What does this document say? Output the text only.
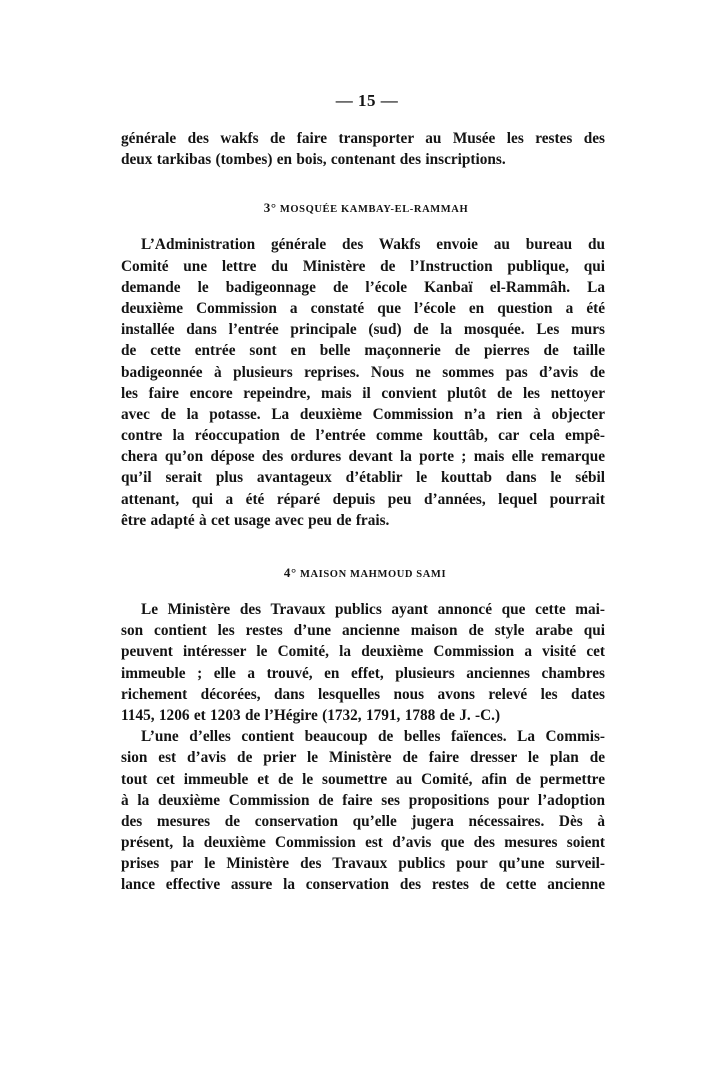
— 15 —

générale des wakfs de faire transporter au Musée les restes des
deux tarkibas (tombes) en bois, contenant des inscriptions.

3° MOSQUÉE KAMBAY-EL-RAMMAH

L’Administration générale des Wakfs envoie au bureau du
Comité une lettre du Ministère de l’Instruction publique, qui
demande le badigeonnage de l’école Kanbaï el-Rammâh. La
deuxième Commission a constaté que l’école en question a été
installée dans l’entrée principale (sud) de la mosquée. Les murs
de cette entrée sont en belle maçonnerie de pierres de taille
badigeonnée à plusieurs reprises. Nous ne sommes pas d’avis de
les faire encore repeindre, mais il convient plutôt de les nettoyer
avec de la potasse. La deuxième Commission n’a rien à objecter
contre la réoccupation de l’entrée comme kouttâb, car cela empê-
chera qu’on dépose des ordures devant la porte ; mais elle remarque
qu’il serait plus avantageux d’établir le kouttab dans le sébil
attenant, qui a été réparé depuis peu d’années, lequel pourrait
être adapté à cet usage avec peu de frais.

4° MAISON MAHMOUD SAMI

Le Ministère des Travaux publics ayant annoncé que cette mai-
son contient les restes d’une ancienne maison de style arabe qui
peuvent intéresser le Comité, la deuxième Commission a visité cet
immeuble ; elle a trouvé, en effet, plusieurs anciennes chambres
richement décorées, dans lesquelles nous avons relevé les dates
1145, 1206 et 1203 de l’Hégire (1732, 1791, 1788 de J. -C.)
L’une d’elles contient beaucoup de belles faïences. La Commis-
sion est d’avis de prier le Ministère de faire dresser le plan de
tout cet immeuble et de le soumettre au Comité, afin de permettre
à la deuxième Commission de faire ses propositions pour l’adoption
des mesures de conservation qu’elle jugera nécessaires. Dès à
présent, la deuxième Commission est d’avis que des mesures soient
prises par le Ministère des Travaux publics pour qu’une surveil-
lance effective assure la conservation des restes de cette ancienne
